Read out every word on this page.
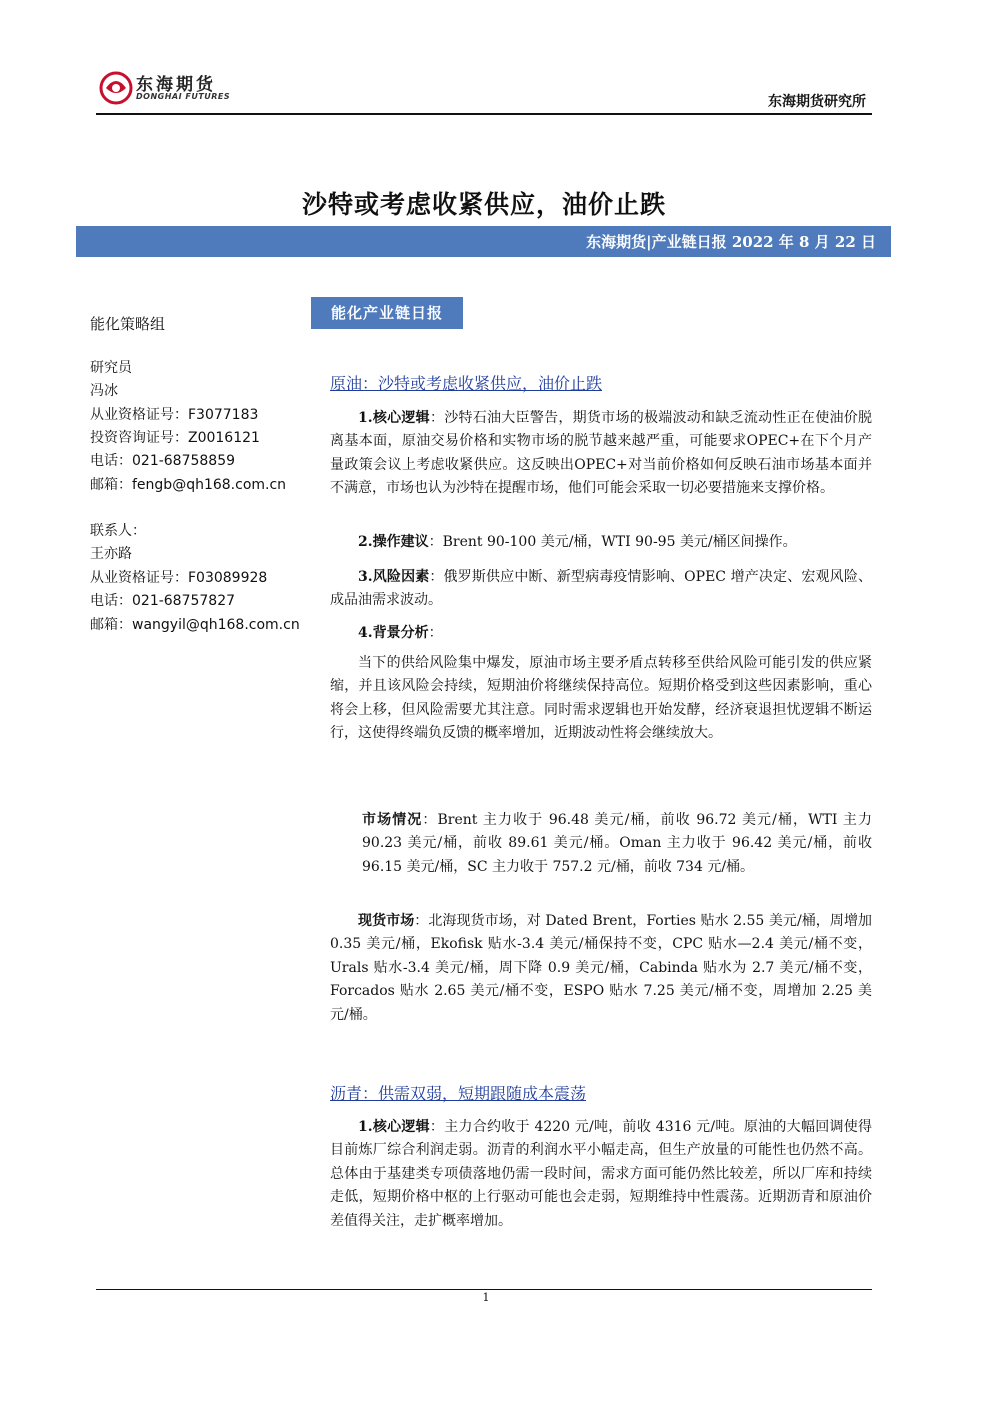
东海期货
DONGHAI FUTURES	东海期货研究所
沙特或考虑收紧供应，油价止跌
东海期货|产业链日报 2022 年 8 月 22 日
能化策略组
研究员
冯冰
从业资格证号：F3077183
投资咨询证号：Z0016121
电话：021-68758859
邮箱：fengb@qh168.com.cn
联系人：
王亦路
从业资格证号：F03089928
电话：021-68757827
邮箱：wangyil@qh168.com.cn
能化产业链日报
原油：沙特或考虑收紧供应，油价止跌
1.核心逻辑：沙特石油大臣警告，期货市场的极端波动和缺乏流动性正在使油价脱离基本面，原油交易价格和实物市场的脱节越来越严重，可能要求OPEC+在下个月产量政策会议上考虑收紧供应。这反映出OPEC+对当前价格如何反映石油市场基本面并不满意，市场也认为沙特在提醒市场，他们可能会采取一切必要措施来支撑价格。
2.操作建议：Brent 90-100 美元/桶，WTI 90-95 美元/桶区间操作。
3.风险因素：俄罗斯供应中断、新型病毒疫情影响、OPEC 增产决定、宏观风险、成品油需求波动。
4.背景分析：
当下的供给风险集中爆发，原油市场主要矛盾点转移至供给风险可能引发的供应紧缩，并且该风险会持续，短期油价将继续保持高位。短期价格受到这些因素影响，重心将会上移，但风险需要尤其注意。同时需求逻辑也开始发酵，经济衰退担忧逻辑不断运行，这使得终端负反馈的概率增加，近期波动性将会继续放大。
市场情况：Brent 主力收于 96.48 美元/桶，前收 96.72 美元/桶，WTI 主力 90.23 美元/桶，前收 89.61 美元/桶。Oman 主力收于 96.42 美元/桶，前收 96.15 美元/桶，SC 主力收于 757.2 元/桶，前收 734 元/桶。
现货市场：北海现货市场，对 Dated Brent，Forties 贴水 2.55 美元/桶，周增加 0.35 美元/桶，Ekofisk 贴水-3.4 美元/桶保持不变，CPC 贴水—2.4 美元/桶不变，Urals 贴水-3.4 美元/桶，周下降 0.9 美元/桶，Cabinda 贴水为 2.7 美元/桶不变， Forcados 贴水 2.65 美元/桶不变，ESPO 贴水 7.25 美元/桶不变，周增加 2.25 美元/桶。
沥青：供需双弱，短期跟随成本震荡
1.核心逻辑：主力合约收于 4220 元/吨，前收 4316 元/吨。原油的大幅回调使得目前炼厂综合利润走弱。沥青的利润水平小幅走高，但生产放量的可能性也仍然不高。总体由于基建类专项债落地仍需一段时间，需求方面可能仍然比较差，所以厂库和持续走低，短期价格中枢的上行驱动可能也会走弱，短期维持中性震荡。近期沥青和原油价差值得关注，走扩概率增加。
1
